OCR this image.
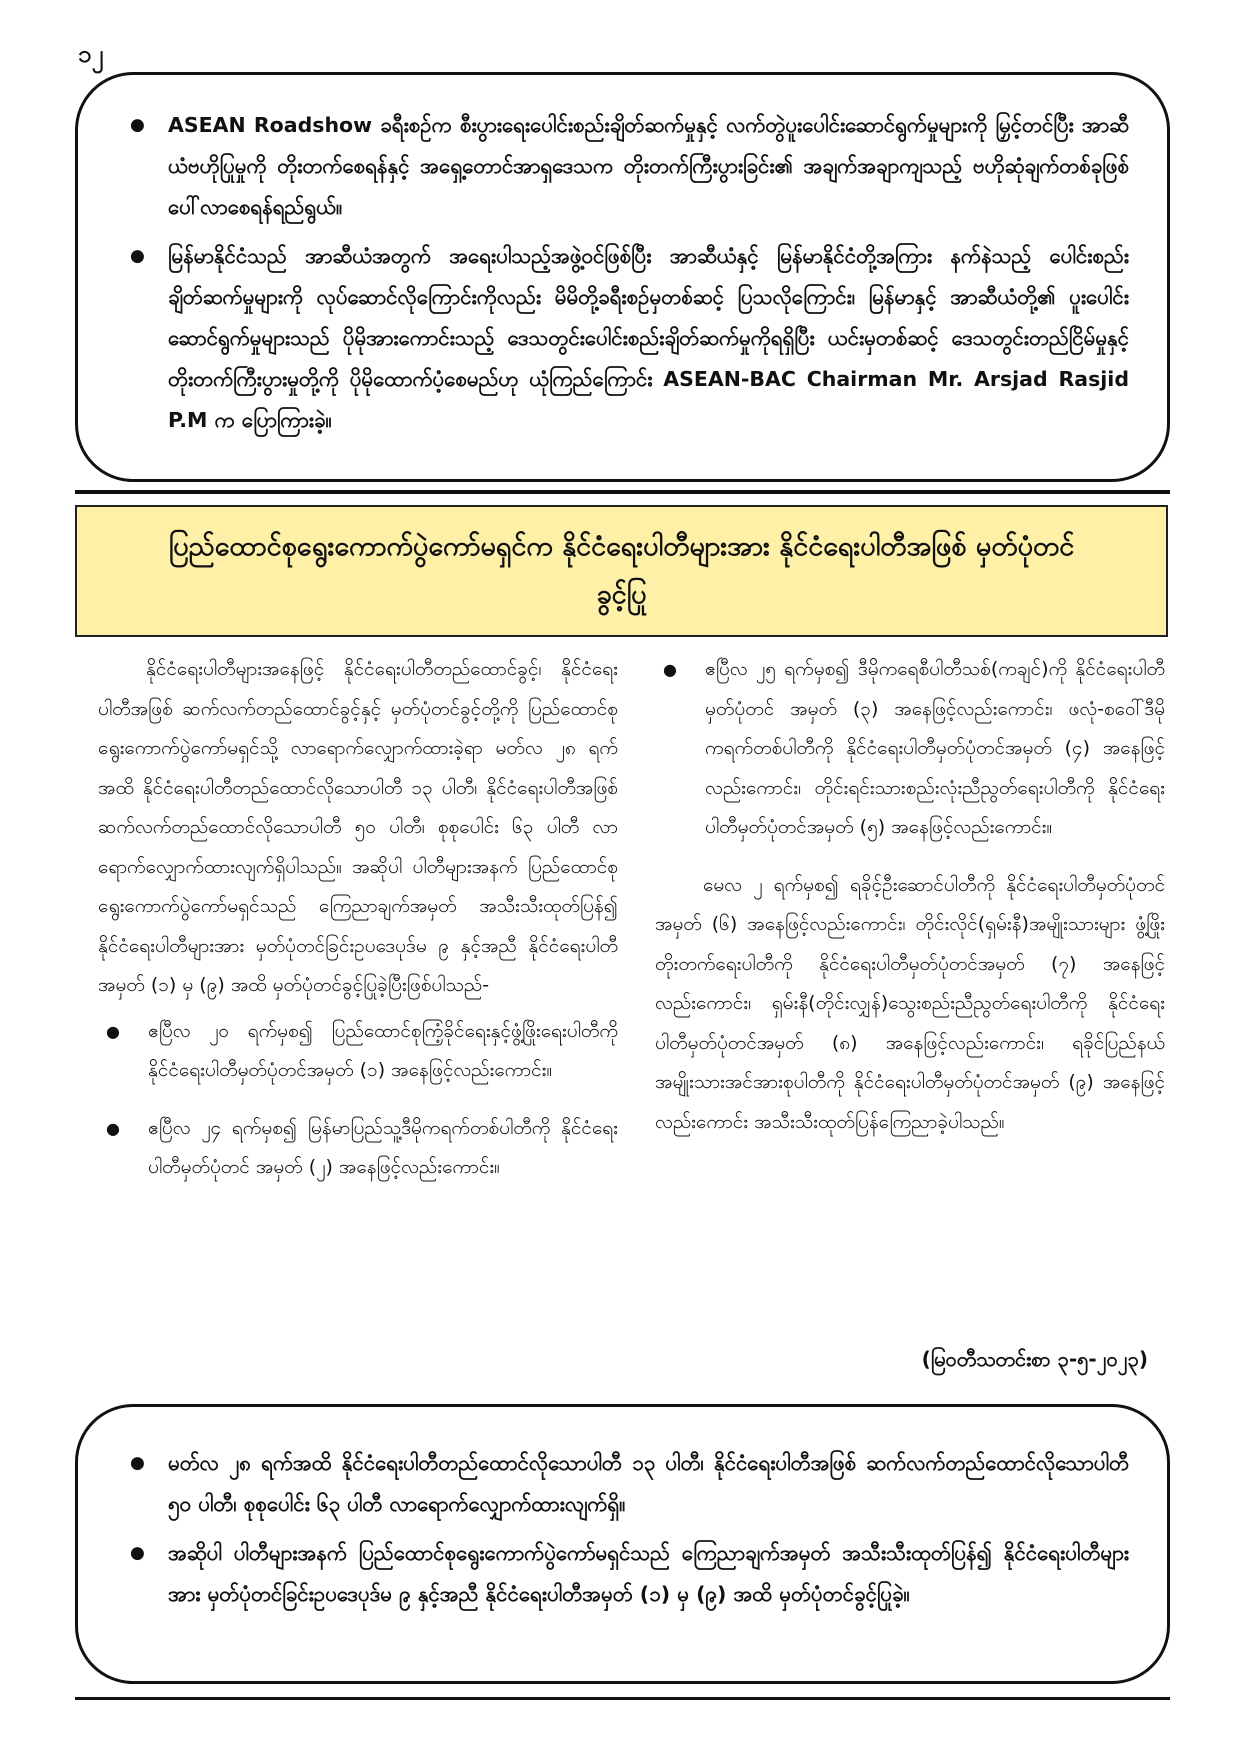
၁၂
● ASEAN Roadshow ခရီးစဉ်က စီးပွားရေးပေါင်းစည်းချိတ်ဆက်မှုနှင့် လက်တွဲပူးပေါင်းဆောင်ရွက်မှုများကို မြှင့်တင်ပြီး အာဆီယံဗဟိုပြုမှုကို တိုးတက်စေရန်နှင့် အရှေ့တောင်အာရှဒေသက တိုးတက်ကြီးပွားခြင်း၏ အချက်အချာကျသည့် ဗဟိုဆုံချက်တစ်ခုဖြစ် ပေါ်လာစေရန်ရည်ရွယ်။
● မြန်မာနိုင်ငံသည် အာဆီယံအတွက် အရေးပါသည့်အဖွဲ့ဝင်ဖြစ်ပြီး အာဆီယံနှင့် မြန်မာနိုင်ငံတို့အကြား နက်နဲသည့် ပေါင်းစည်းချိတ်ဆက်မှုများကို လုပ်ဆောင်လိုကြောင်းကိုလည်း မိမိတို့ခရီးစဉ်မှတစ်ဆင့် ပြသလိုကြောင်း၊ မြန်မာနှင့် အာဆီယံတို့၏ ပူးပေါင်းဆောင်ရွက်မှုများသည် ပိုမိုအားကောင်းသည့် ဒေသတွင်းပေါင်းစည်းချိတ်ဆက်မှုကိုရရှိပြီး ယင်းမှတစ်ဆင့် ဒေသတွင်းတည်ငြိမ်မှုနှင့် တိုးတက်ကြီးပွားမှုတို့ကို ပိုမိုထောက်ပံ့စေမည်ဟု ယုံကြည်ကြောင်း ASEAN-BAC Chairman Mr. Arsjad Rasjid P.M က ပြောကြားခဲ့။
ပြည်ထောင်စုရွေးကောက်ပွဲကော်မရှင်က နိုင်ငံရေးပါတီများအား နိုင်ငံရေးပါတီအဖြစ် မှတ်ပုံတင်ခွင့်ပြု

နိုင်ငံရေးပါတီများအနေဖြင့် နိုင်ငံရေးပါတီတည်ထောင်ခွင့်၊ နိုင်ငံရေးပါတီအဖြစ် ဆက်လက်တည်ထောင်ခွင့်နှင့် မှတ်ပုံတင်ခွင့်တို့ကို ပြည်ထောင်စုရွေးကောက်ပွဲကော်မရှင်သို့ လာရောက်လျှောက်ထားခဲ့ရာ မတ်လ ၂၈ ရက်အထိ နိုင်ငံရေးပါတီတည်ထောင်လိုသောပါတီ ၁၃ ပါတီ၊ နိုင်ငံရေးပါတီအဖြစ် ဆက်လက်တည်ထောင်လိုသောပါတီ ၅၀ ပါတီ၊ စုစုပေါင်း ၆၃ ပါတီ လာရောက်လျှောက်ထားလျက်ရှိပါသည်။ အဆိုပါ ပါတီများအနက် ပြည်ထောင်စုရွေးကောက်ပွဲကော်မရှင်သည် ကြေညာချက်အမှတ် အသီးသီးထုတ်ပြန်၍ နိုင်ငံရေးပါတီများအား မှတ်ပုံတင်ခြင်းဥပဒေပုဒ်မ ၉ နှင့်အညီ နိုင်ငံရေးပါတီအမှတ် (၁) မှ (၉) အထိ မှတ်ပုံတင်ခွင့်ပြုခဲ့ပြီးဖြစ်ပါသည်-

● ဧပြီလ ၂၀ ရက်မှစ၍ ပြည်ထောင်စုကြံ့ခိုင်ရေးနှင့်ဖွံ့ဖြိုးရေးပါတီကို နိုင်ငံရေးပါတီမှတ်ပုံတင်အမှတ် (၁) အနေဖြင့်လည်းကောင်း။
● ဧပြီလ ၂၄ ရက်မှစ၍ မြန်မာပြည်သူ့ဒီမိုကရက်တစ်ပါတီကို နိုင်ငံရေးပါတီမှတ်ပုံတင် အမှတ် (၂) အနေဖြင့်လည်းကောင်း။
● ဧပြီလ ၂၅ ရက်မှစ၍ ဒီမိုကရေစီပါတီသစ်(ကချင်)ကို နိုင်ငံရေးပါတီမှတ်ပုံတင် အမှတ် (၃) အနေဖြင့်လည်းကောင်း၊ ဖလုံ-စဝေါ်ဒီမိုကရက်တစ်ပါတီကို နိုင်ငံရေးပါတီမှတ်ပုံတင်အမှတ် (၄) အနေဖြင့်လည်းကောင်း၊ တိုင်းရင်းသားစည်းလုံးညီညွတ်ရေးပါတီကို နိုင်ငံရေးပါတီမှတ်ပုံတင်အမှတ် (၅) အနေဖြင့်လည်းကောင်း။

မေလ ၂ ရက်မှစ၍ ရခိုင့်ဦးဆောင်ပါတီကို နိုင်ငံရေးပါတီမှတ်ပုံတင်အမှတ် (၆) အနေဖြင့်လည်းကောင်း၊ တိုင်းလိုင်(ရှမ်းနီ)အမျိုးသားများ ဖွံ့ဖြိုးတိုးတက်ရေးပါတီကို နိုင်ငံရေးပါတီမှတ်ပုံတင်အမှတ် (၇) အနေဖြင့်လည်းကောင်း၊ ရှမ်းနီ(တိုင်းလျှန်)သွေးစည်းညီညွတ်ရေးပါတီကို နိုင်ငံရေးပါတီမှတ်ပုံတင်အမှတ် (၈) အနေဖြင့်လည်းကောင်း၊ ရခိုင်ပြည်နယ်အမျိုးသားအင်အားစုပါတီကို နိုင်ငံရေးပါတီမှတ်ပုံတင်အမှတ် (၉) အနေဖြင့်လည်းကောင်း အသီးသီးထုတ်ပြန်ကြေညာခဲ့ပါသည်။

(မြဝတီသတင်းစာ ၃-၅-၂၀၂၃)
● မတ်လ ၂၈ ရက်အထိ နိုင်ငံရေးပါတီတည်ထောင်လိုသောပါတီ ၁၃ ပါတီ၊ နိုင်ငံရေးပါတီအဖြစ် ဆက်လက်တည်ထောင်လိုသောပါတီ ၅၀ ပါတီ၊ စုစုပေါင်း ၆၃ ပါတီ လာရောက်လျှောက်ထားလျက်ရှိ။
● အဆိုပါ ပါတီများအနက် ပြည်ထောင်စုရွေးကောက်ပွဲကော်မရှင်သည် ကြေညာချက်အမှတ် အသီးသီးထုတ်ပြန်၍ နိုင်ငံရေးပါတီများအား မှတ်ပုံတင်ခြင်းဥပဒေပုဒ်မ ၉ နှင့်အညီ နိုင်ငံရေးပါတီအမှတ် (၁) မှ (၉) အထိ မှတ်ပုံတင်ခွင့်ပြုခဲ့။
